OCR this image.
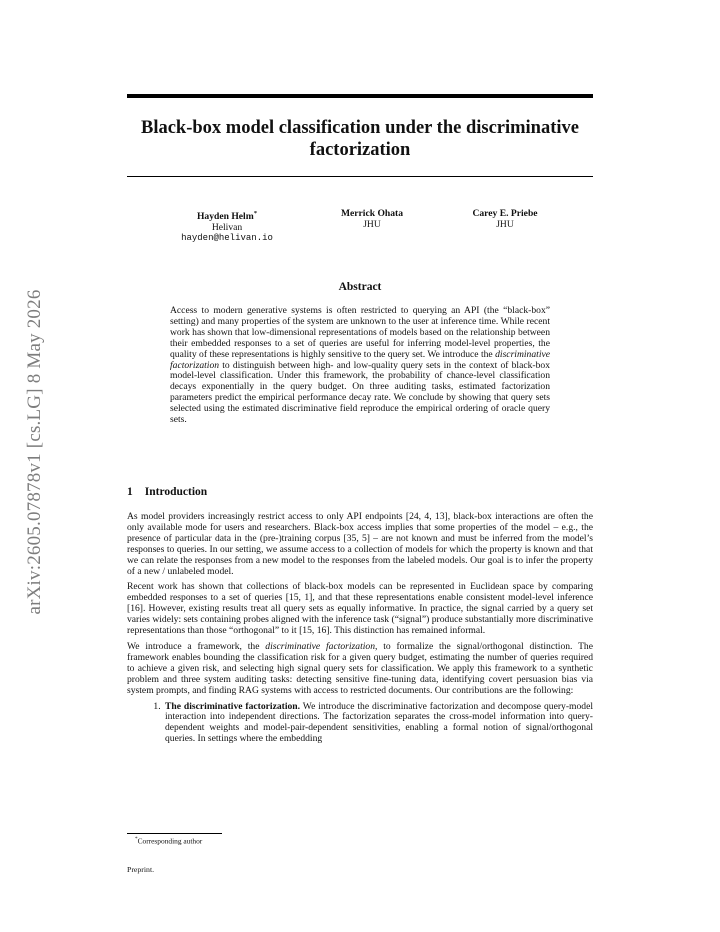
arXiv:2605.07878v1 [cs.LG] 8 May 2026
Black-box model classification under the discriminative factorization
Hayden Helm*
Helivan
hayden@helivan.io
Merrick Ohata
JHU
Carey E. Priebe
JHU
Abstract

Access to modern generative systems is often restricted to querying an API (the “black-box” setting) and many properties of the system are unknown to the user at inference time. While recent work has shown that low-dimensional representations of models based on the relationship between their embedded responses to a set of queries are useful for inferring model-level properties, the quality of these representations is highly sensitive to the query set. We introduce the discriminative factorization to distinguish between high- and low-quality query sets in the context of black-box model-level classification. Under this framework, the probability of chance-level classification decays exponentially in the query budget. On three auditing tasks, estimated factorization parameters predict the empirical performance decay rate. We conclude by showing that query sets selected using the estimated discriminative field reproduce the empirical ordering of oracle query sets.

1 Introduction

As model providers increasingly restrict access to only API endpoints [24, 4, 13], black-box interactions are often the only available mode for users and researchers. Black-box access implies that some properties of the model – e.g., the presence of particular data in the (pre-)training corpus [35, 5] – are not known and must be inferred from the model’s responses to queries. In our setting, we assume access to a collection of models for which the property is known and that we can relate the responses from a new model to the responses from the labeled models. Our goal is to infer the property of a new / unlabeled model.

Recent work has shown that collections of black-box models can be represented in Euclidean space by comparing embedded responses to a set of queries [15, 1], and that these representations enable consistent model-level inference [16]. However, existing results treat all query sets as equally informative. In practice, the signal carried by a query set varies widely: sets containing probes aligned with the inference task (“signal”) produce substantially more discriminative representations than those “orthogonal” to it [15, 16]. This distinction has remained informal.

We introduce a framework, the discriminative factorization, to formalize the signal/orthogonal distinction. The framework enables bounding the classification risk for a given query budget, estimating the number of queries required to achieve a given risk, and selecting high signal query sets for classification. We apply this framework to a synthetic problem and three system auditing tasks: detecting sensitive fine-tuning data, identifying covert persuasion bias via system prompts, and finding RAG systems with access to restricted documents. Our contributions are the following:

1. The discriminative factorization. We introduce the discriminative factorization and decompose query-model interaction into independent directions. The factorization separates the cross-model information into query-dependent weights and model-pair-dependent sensitivities, enabling a formal notion of signal/orthogonal queries. In settings where the embedding
*Corresponding author
Preprint.
